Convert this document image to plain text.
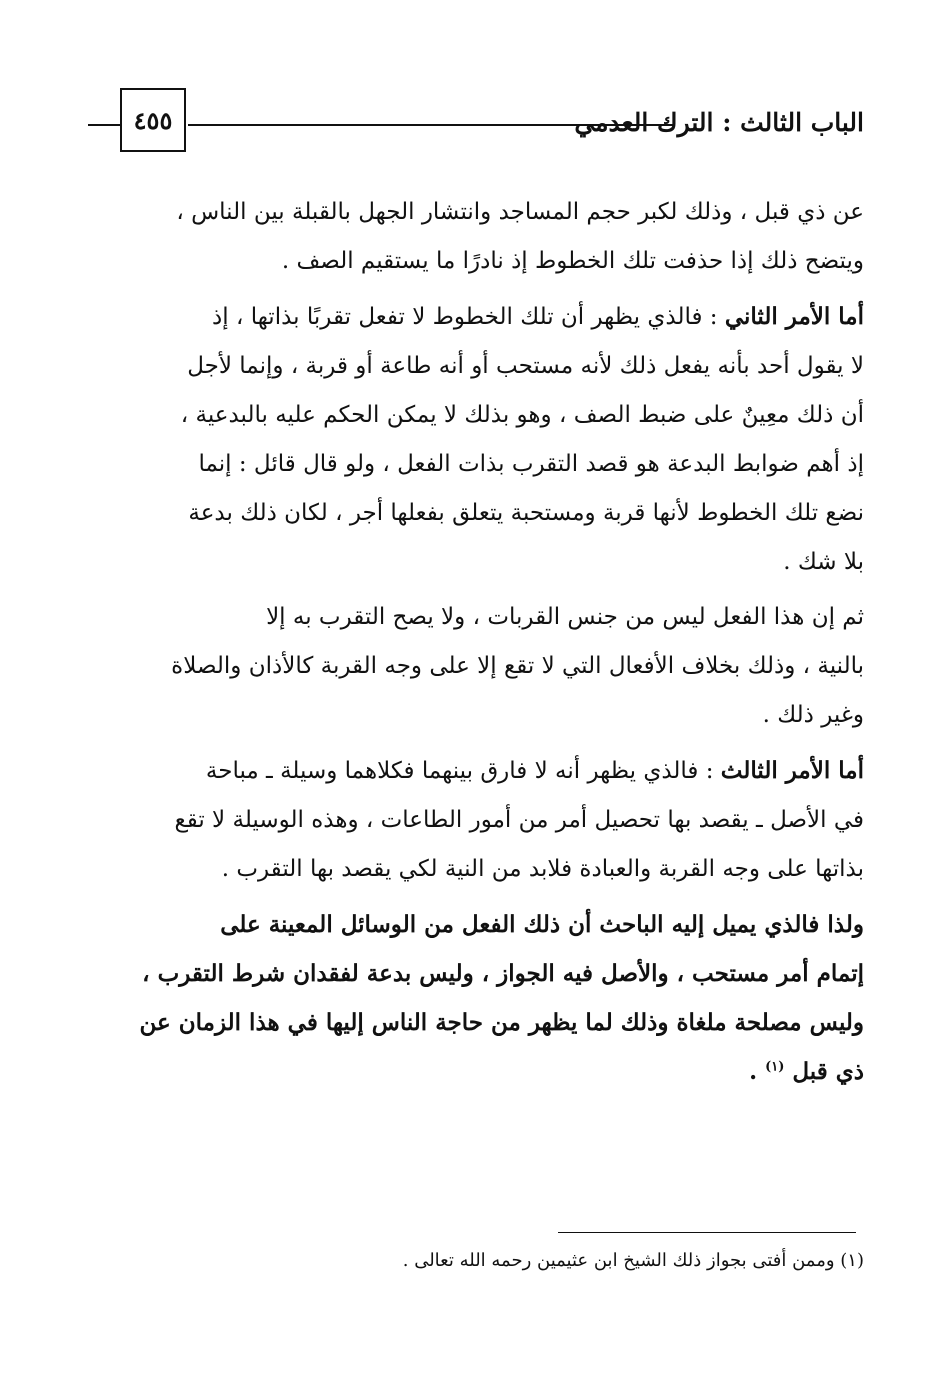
٤٥٥	الباب الثالث : الترك العدمي

عن ذي قبل ، وذلك لكبر حجم المساجد وانتشار الجهل بالقبلة بين الناس ،
ويتضح ذلك إذا حذفت تلك الخطوط إذ نادرًا ما يستقيم الصف .

أما الأمر الثاني : فالذي يظهر أن تلك الخطوط لا تفعل تقربًا بذاتها ، إذ
لا يقول أحد بأنه يفعل ذلك لأنه مستحب أو أنه طاعة أو قربة ، وإنما لأجل
أن ذلك معِينٌ على ضبط الصف ، وهو بذلك لا يمكن الحكم عليه بالبدعية ،
إذ أهم ضوابط البدعة هو قصد التقرب بذات الفعل ، ولو قال قائل : إنما
نضع تلك الخطوط لأنها قربة ومستحبة يتعلق بفعلها أجر ، لكان ذلك بدعة
بلا شك .

ثم إن هذا الفعل ليس من جنس القربات ، ولا يصح التقرب به إلا
بالنية ، وذلك بخلاف الأفعال التي لا تقع إلا على وجه القربة كالأذان والصلاة
وغير ذلك .

أما الأمر الثالث : فالذي يظهر أنه لا فارق بينهما فكلاهما وسيلة ـ مباحة
في الأصل ـ يقصد بها تحصيل أمر من أمور الطاعات ، وهذه الوسيلة لا تقع
بذاتها على وجه القربة والعبادة فلابد من النية لكي يقصد بها التقرب .

ولذا فالذي يميل إليه الباحث أن ذلك الفعل من الوسائل المعينة على
إتمام أمر مستحب ، والأصل فيه الجواز ، وليس بدعة لفقدان شرط التقرب ،
وليس مصلحة ملغاة وذلك لما يظهر من حاجة الناس إليها في هذا الزمان عن
ذي قبل $^{(١)}$ .

(١) وممن أفتى بجواز ذلك الشيخ ابن عثيمين رحمه الله تعالى .
